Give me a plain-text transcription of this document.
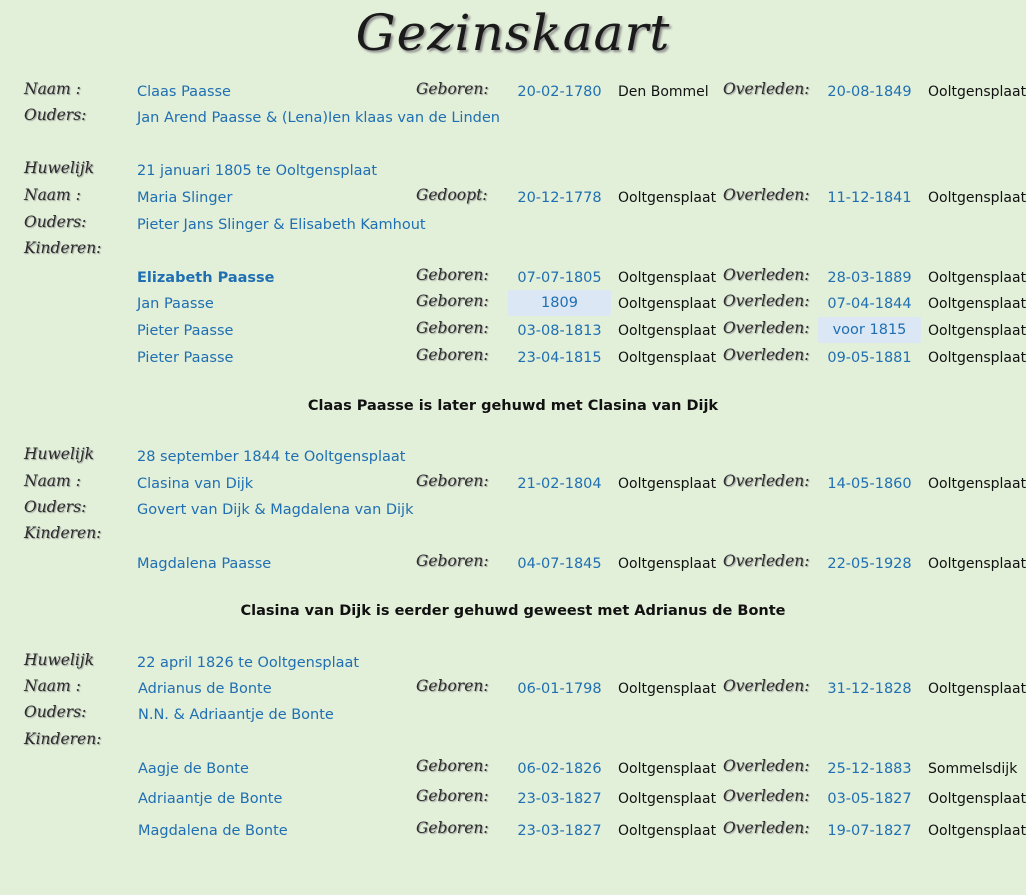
Gezinskaart
Naam :	Claas Paasse	Geboren:	20-02-1780	Den Bommel Overleden:	20-08-1849	Ooltgensplaat
Ouders:	Jan Arend Paasse & (Lena)Ien klaas van de Linden
Huwelijk	21 januari 1805 te Ooltgensplaat
Naam :	Maria Slinger	Gedoopt:	20-12-1778	Ooltgensplaat Overleden:	11-12-1841	Ooltgensplaat
Ouders:	Pieter Jans Slinger & Elisabeth Kamhout
Kinderen:
Elizabeth Paasse	Geboren:	07-07-1805	Ooltgensplaat Overleden:	28-03-1889	Ooltgensplaat
Jan Paasse	Geboren:	1809	Ooltgensplaat Overleden:	07-04-1844	Ooltgensplaat
Pieter Paasse	Geboren:	03-08-1813	Ooltgensplaat Overleden:	voor 1815	Ooltgensplaat
Pieter Paasse	Geboren:	23-04-1815	Ooltgensplaat Overleden:	09-05-1881	Ooltgensplaat
Claas Paasse is later gehuwd met Clasina van Dijk
Huwelijk	28 september 1844 te Ooltgensplaat
Naam :	Clasina van Dijk	Geboren:	21-02-1804	Ooltgensplaat Overleden:	14-05-1860	Ooltgensplaat
Ouders:	Govert van Dijk & Magdalena van Dijk
Kinderen:
Magdalena Paasse	Geboren:	04-07-1845	Ooltgensplaat Overleden:	22-05-1928	Ooltgensplaat
Clasina van Dijk is eerder gehuwd geweest met Adrianus de Bonte
Huwelijk	22 april 1826 te Ooltgensplaat
Naam :	Adrianus de Bonte	Geboren:	06-01-1798	Ooltgensplaat Overleden:	31-12-1828	Ooltgensplaat
Ouders:	N.N. & Adriaantje de Bonte
Kinderen:
Aagje de Bonte	Geboren:	06-02-1826	Ooltgensplaat Overleden:	25-12-1883	Sommelsdijk
Adriaantje de Bonte	Geboren:	23-03-1827	Ooltgensplaat Overleden:	03-05-1827	Ooltgensplaat
Magdalena de Bonte	Geboren:	23-03-1827	Ooltgensplaat Overleden:	19-07-1827	Ooltgensplaat
